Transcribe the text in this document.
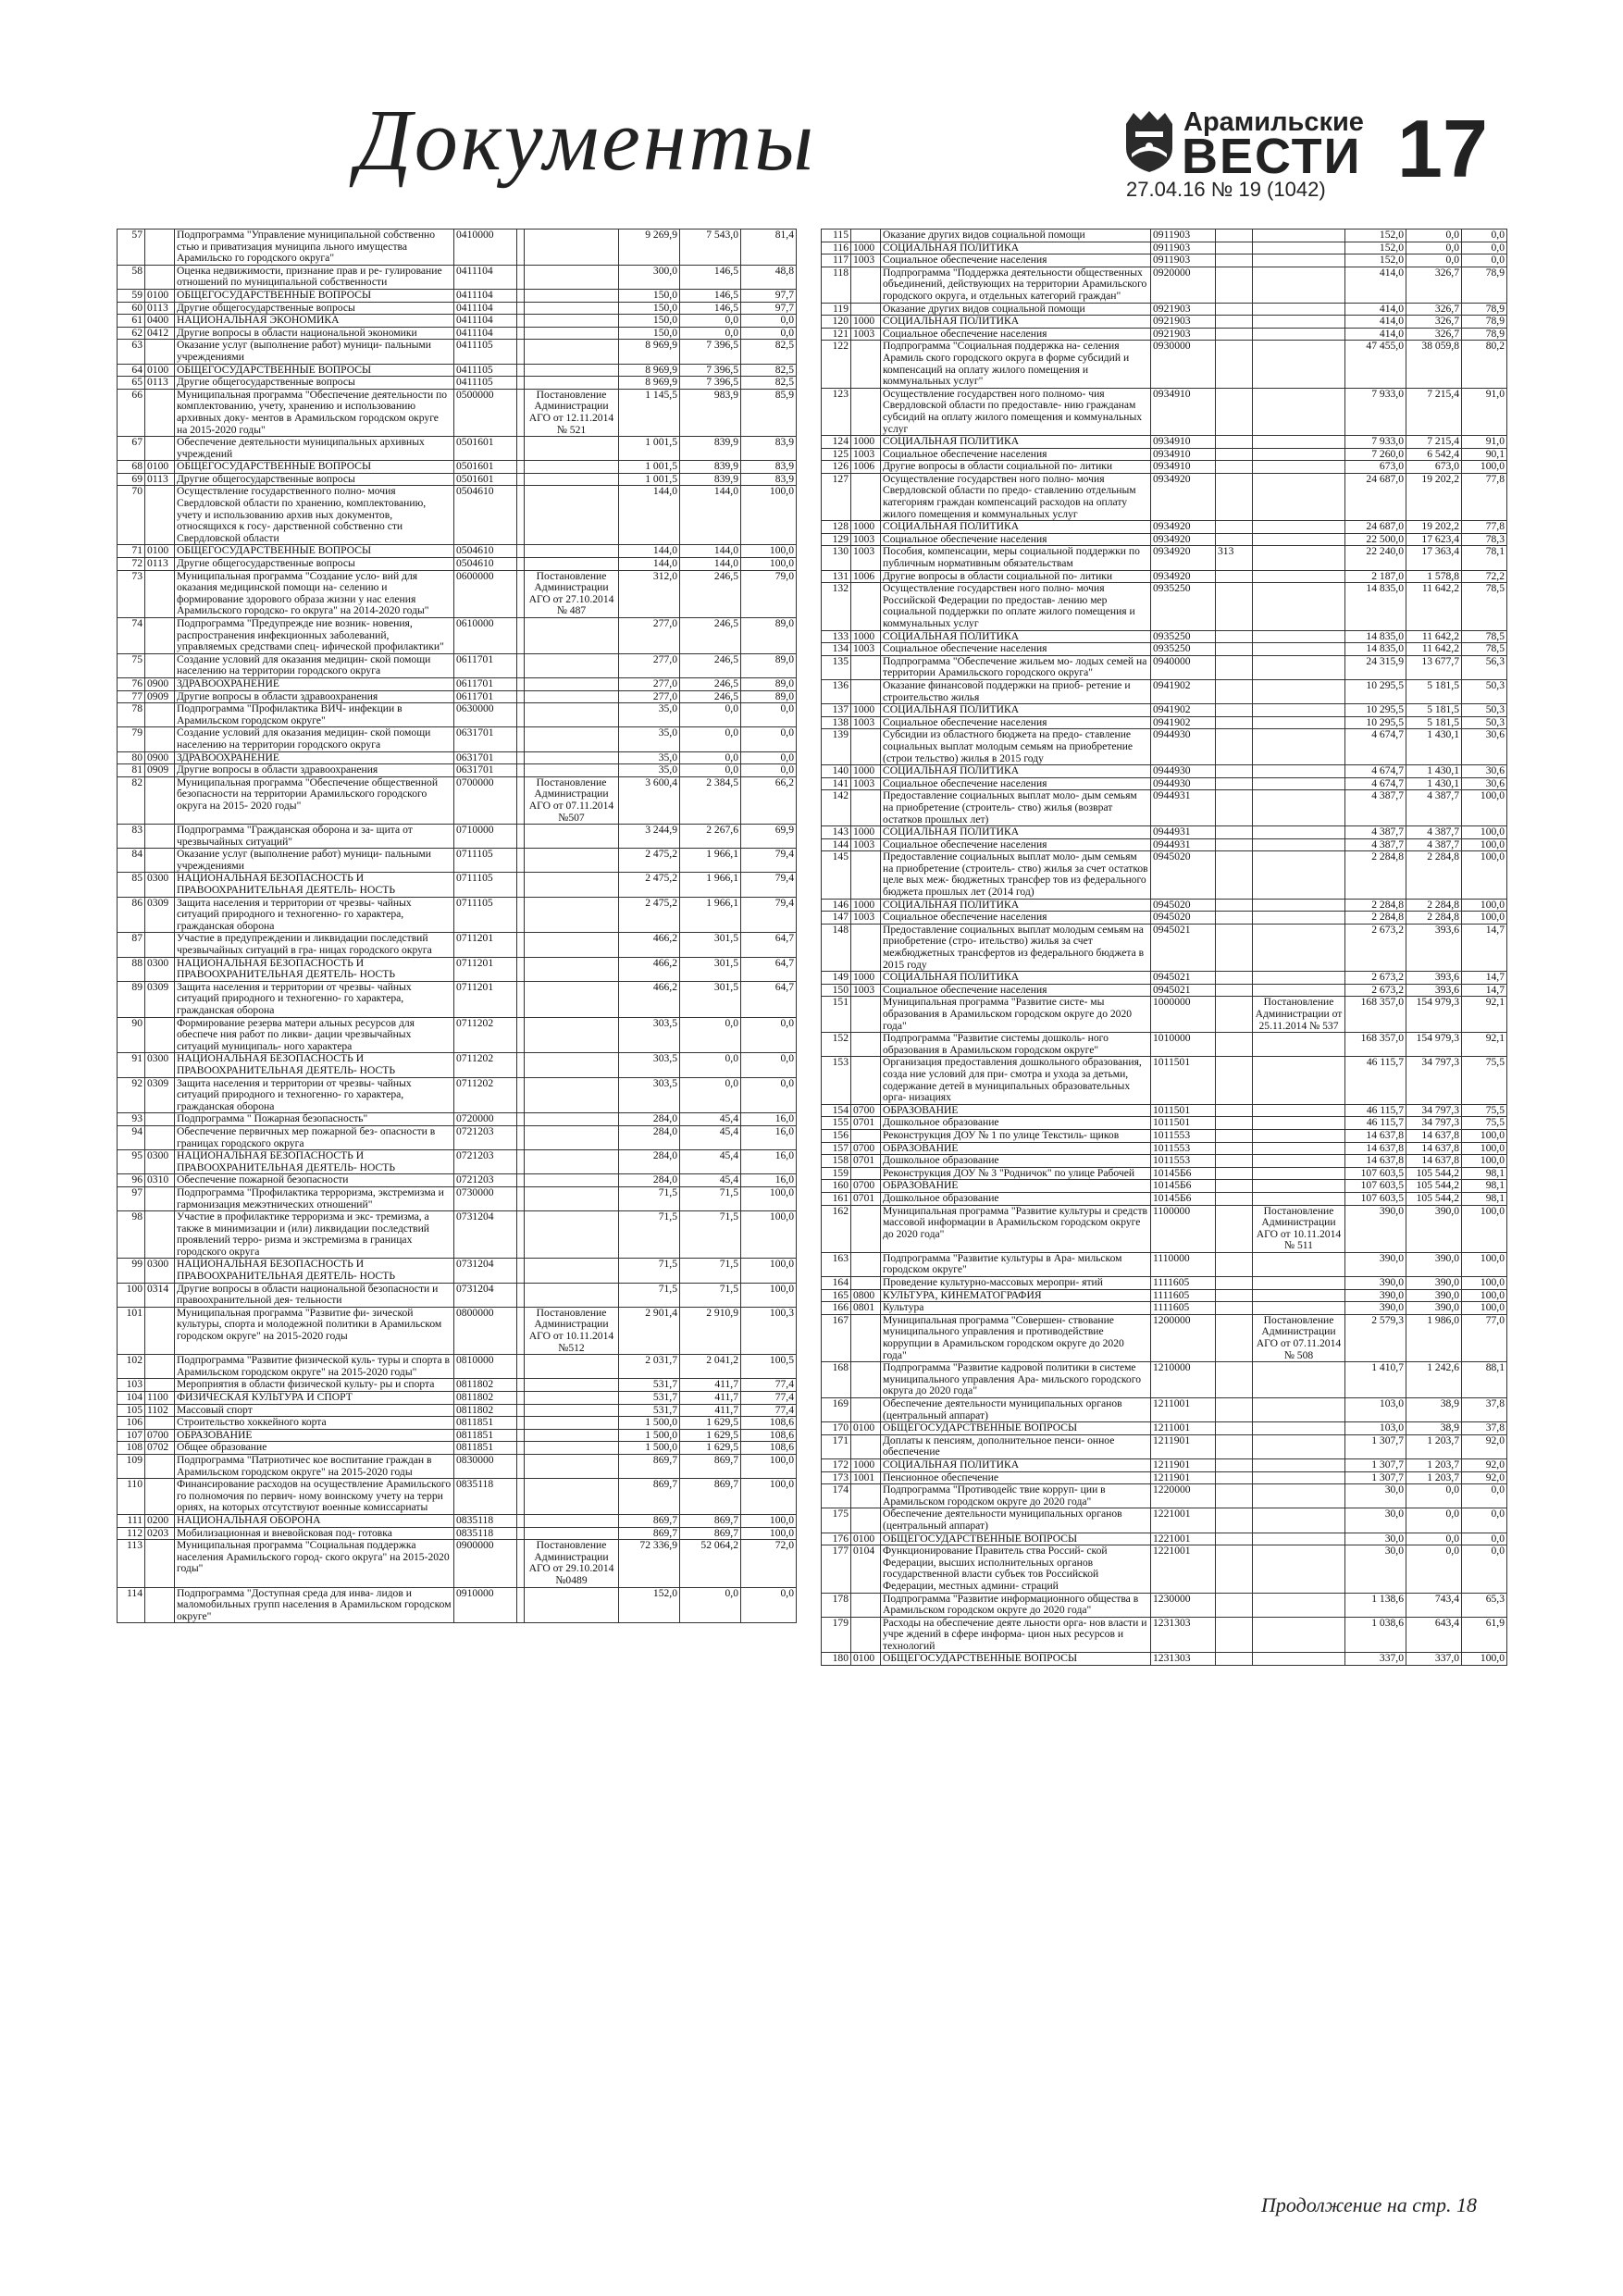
Документы	Арамильские
ВЕСТИ
27.04.16 № 19 (1042) 17
57		Подпрограмма "Управление муниципальной собственно стью и приватизация муниципа льного имущества Арамильско го городского округа"	0410000			9 269,9	7 543,0	81,4
58		Оценка недвижимости, признание прав и ре- гулирование отношений по муниципальной собственности	0411104			300,0	146,5	48,8
59	0100	ОБЩЕГОСУДАРСТВЕННЫЕ ВОПРОСЫ	0411104			150,0	146,5	97,7
60	0113	Другие общегосударственные вопросы	0411104			150,0	146,5	97,7
61	0400	НАЦИОНАЛЬНАЯ ЭКОНОМИКА	0411104			150,0	0,0	0,0
62	0412	Другие вопросы в области национальной экономики	0411104			150,0	0,0	0,0
63		Оказание услуг (выполнение работ) муници- пальными учреждениями	0411105			8 969,9	7 396,5	82,5
64	0100	ОБЩЕГОСУДАРСТВЕННЫЕ ВОПРОСЫ	0411105			8 969,9	7 396,5	82,5
65	0113	Другие общегосударственные вопросы	0411105			8 969,9	7 396,5	82,5
66		Муниципальная программа "Обеспечение деятельности по комплектованию, учету, хранению и использованию архивных доку- ментов в Арамильском городском округе на 2015-2020 годы"	0500000		Постановление Администрации АГО от 12.11.2014 № 521	1 145,5	983,9	85,9
67		Обеспечение деятельности муниципальных архивных учреждений	0501601			1 001,5	839,9	83,9
68	0100	ОБЩЕГОСУДАРСТВЕННЫЕ ВОПРОСЫ	0501601			1 001,5	839,9	83,9
69	0113	Другие общегосударственные вопросы	0501601			1 001,5	839,9	83,9
70		Осуществление государственного полно- мочия Свердловской области по хранению, комплектованию, учету и использованию архив ных документов, относящихся к госу- дарственной собственно сти Свердловской области	0504610			144,0	144,0	100,0
71	0100	ОБЩЕГОСУДАРСТВЕННЫЕ ВОПРОСЫ	0504610			144,0	144,0	100,0
72	0113	Другие общегосударственные вопросы	0504610			144,0	144,0	100,0
73		Муниципальная программа "Создание усло- вий для оказания медицинской помощи на- селению и формирование здорового образа жизни у нас еления Арамильского городско- го округа" на 2014-2020 годы"	0600000		Постановление Администрации АГО от 27.10.2014 № 487	312,0	246,5	79,0
74		Подпрограмма "Предупрежде ние возник- новения, распространения инфекционных заболеваний, управляемых средствами спец- ифической профилактики"	0610000			277,0	246,5	89,0
75		Создание условий для оказания медицин- ской помощи населению на территории городского округа	0611701			277,0	246,5	89,0
76	0900	ЗДРАВООХРАНЕНИЕ	0611701			277,0	246,5	89,0
77	0909	Другие вопросы в области здравоохранения	0611701			277,0	246,5	89,0
78		Подпрограмма "Профилактика ВИЧ- инфекции в Арамильском городском округе"	0630000			35,0	0,0	0,0
79		Создание условий для оказания медицин- ской помощи населению на территории городского округа	0631701			35,0	0,0	0,0
80	0900	ЗДРАВООХРАНЕНИЕ	0631701			35,0	0,0	0,0
81	0909	Другие вопросы в области здравоохранения	0631701			35,0	0,0	0,0
82		Муниципальная программа "Обеспечение общественной безопасности на территории Арамильского городского округа на 2015- 2020 годы"	0700000		Постановление Администрации АГО от 07.11.2014 №507	3 600,4	2 384,5	66,2
83		Подпрограмма "Гражданская оборона и за- щита от чрезвычайных ситуаций"	0710000			3 244,9	2 267,6	69,9
84		Оказание услуг (выполнение работ) муници- пальными учреждениями	0711105			2 475,2	1 966,1	79,4
85	0300	НАЦИОНАЛЬНАЯ БЕЗОПАСНОСТЬ И ПРАВООХРАНИТЕЛЬНАЯ ДЕЯТЕЛЬ- НОСТЬ	0711105			2 475,2	1 966,1	79,4
86	0309	Защита населения и территории от чрезвы- чайных ситуаций природного и техногенно- го характера, гражданская оборона	0711105			2 475,2	1 966,1	79,4
87		Участие в предупреждении и ликвидации последствий чрезвычайных ситуаций в гра- ницах городского округа	0711201			466,2	301,5	64,7
88	0300	НАЦИОНАЛЬНАЯ БЕЗОПАСНОСТЬ И ПРАВООХРАНИТЕЛЬНАЯ ДЕЯТЕЛЬ- НОСТЬ	0711201			466,2	301,5	64,7
89	0309	Защита населения и территории от чрезвы- чайных ситуаций природного и техногенно- го характера, гражданская оборона	0711201			466,2	301,5	64,7
90		Формирование резерва матери альных ресурсов для обеспече ния работ по ликви- дации чрезвычайных ситуаций муниципаль- ного характера	0711202			303,5	0,0	0,0
91	0300	НАЦИОНАЛЬНАЯ БЕЗОПАСНОСТЬ И ПРАВООХРАНИТЕЛЬНАЯ ДЕЯТЕЛЬ- НОСТЬ	0711202			303,5	0,0	0,0
92	0309	Защита населения и территории от чрезвы- чайных ситуаций природного и техногенно- го характера, гражданская оборона	0711202			303,5	0,0	0,0
93		Подпрограмма " Пожарная безопасность"	0720000			284,0	45,4	16,0
94		Обеспечение первичных мер пожарной без- опасности в границах городского округа	0721203			284,0	45,4	16,0
95	0300	НАЦИОНАЛЬНАЯ БЕЗОПАСНОСТЬ И ПРАВООХРАНИТЕЛЬНАЯ ДЕЯТЕЛЬ- НОСТЬ	0721203			284,0	45,4	16,0
96	0310	Обеспечение пожарной безопасности	0721203			284,0	45,4	16,0
97		Подпрограмма "Профилактика терроризма, экстремизма и гармонизация межэтнических отношений"	0730000			71,5	71,5	100,0
98		Участие в профилактике терроризма и экс- тремизма, а также в минимизации и (или) ликвидации последствий проявлений терро- ризма и экстремизма в границах городского округа	0731204			71,5	71,5	100,0
99	0300	НАЦИОНАЛЬНАЯ БЕЗОПАСНОСТЬ И ПРАВООХРАНИТЕЛЬНАЯ ДЕЯТЕЛЬ- НОСТЬ	0731204			71,5	71,5	100,0
100	0314	Другие вопросы в области национальной безопасности и правоохранительной дея- тельности	0731204			71,5	71,5	100,0
101		Муниципальная программа "Развитие фи- зической культуры, спорта и молодежной политики в Арамильском городском округе" на 2015-2020 годы	0800000		Постановление Администрации АГО от 10.11.2014 №512	2 901,4	2 910,9	100,3
102		Подпрограмма "Развитие физической куль- туры и спорта в Арамильском городском округе" на 2015-2020 годы"	0810000			2 031,7	2 041,2	100,5
103		Мероприятия в области физической культу- ры и спорта	0811802			531,7	411,7	77,4
104	1100	ФИЗИЧЕСКАЯ КУЛЬТУРА И СПОРТ	0811802			531,7	411,7	77,4
105	1102	Массовый спорт	0811802			531,7	411,7	77,4
106		Строительство хоккейного корта	0811851			1 500,0	1 629,5	108,6
107	0700	ОБРАЗОВАНИЕ	0811851			1 500,0	1 629,5	108,6
108	0702	Общее образование	0811851			1 500,0	1 629,5	108,6
109		Подпрограмма "Патриотичес кое воспитание граждан в Арамильском городском округе" на 2015-2020 годы	0830000			869,7	869,7	100,0
110		Финансирование расходов на осуществление Арамильского го полномочия по первич- ному воинскому учету на терри ориях, на которых отсутствуют военные комиссариаты	0835118			869,7	869,7	100,0
111	0200	НАЦИОНАЛЬНАЯ ОБОРОНА	0835118			869,7	869,7	100,0
112	0203	Мобилизационная и вневойсковая под- готовка	0835118			869,7	869,7	100,0
113		Муниципальная программа "Социальная поддержка населения Арамильского город- ского округа" на 2015-2020 годы"	0900000		Постановление Администрации АГО от 29.10.2014 №0489	72 336,9	52 064,2	72,0
114		Подпрограмма "Доступная среда для инва- лидов и маломобильных групп населения в Арамильском городском округе"	0910000			152,0	0,0	0,0
115		Оказание других видов социальной помощи	0911903			152,0	0,0	0,0
116	1000	СОЦИАЛЬНАЯ ПОЛИТИКА	0911903			152,0	0,0	0,0
117	1003	Социальное обеспечение населения	0911903			152,0	0,0	0,0
118		Подпрограмма "Поддержка деятельности общественных объединений, действующих на территории Арамильского городского округа, и отдельных категорий граждан"	0920000			414,0	326,7	78,9
119		Оказание других видов социальной помощи	0921903			414,0	326,7	78,9
120	1000	СОЦИАЛЬНАЯ ПОЛИТИКА	0921903			414,0	326,7	78,9
121	1003	Социальное обеспечение населения	0921903			414,0	326,7	78,9
122		Подпрограмма "Социальная поддержка на- селения Арамиль ского городского округа в форме субсидий и компенсаций на оплату жилого помещения и коммунальных услуг"	0930000			47 455,0	38 059,8	80,2
123		Осуществление государствен ного полномо- чия Свердловской области по предоставле- нию гражданам субсидий на оплату жилого помещения и коммунальных услуг	0934910			7 933,0	7 215,4	91,0
124	1000	СОЦИАЛЬНАЯ ПОЛИТИКА	0934910			7 933,0	7 215,4	91,0
125	1003	Социальное обеспечение населения	0934910			7 260,0	6 542,4	90,1
126	1006	Другие вопросы в области социальной по- литики	0934910			673,0	673,0	100,0
127		Осуществление государствен ного полно- мочия Свердловской области по предо- ставлению отдельным категориям граждан компенсаций расходов на оплату жилого помещения и коммунальных услуг	0934920			24 687,0	19 202,2	77,8
128	1000	СОЦИАЛЬНАЯ ПОЛИТИКА	0934920			24 687,0	19 202,2	77,8
129	1003	Социальное обеспечение населения	0934920			22 500,0	17 623,4	78,3
130	1003	Пособия, компенсации, меры социальной поддержки по публичным нормативным обязательствам	0934920	313		22 240,0	17 363,4	78,1
131	1006	Другие вопросы в области социальной по- литики	0934920			2 187,0	1 578,8	72,2
132		Осуществление государствен ного полно- мочия Российской Федерации по предостав- лению мер социальной поддержки по оплате жилого помещения и коммунальных услуг	0935250			14 835,0	11 642,2	78,5
133	1000	СОЦИАЛЬНАЯ ПОЛИТИКА	0935250			14 835,0	11 642,2	78,5
134	1003	Социальное обеспечение населения	0935250			14 835,0	11 642,2	78,5
135		Подпрограмма "Обеспечение жильем мо- лодых семей на территории Арамильского городского округа"	0940000			24 315,9	13 677,7	56,3
136		Оказание финансовой поддержки на приоб- ретение и строительство жилья	0941902			10 295,5	5 181,5	50,3
137	1000	СОЦИАЛЬНАЯ ПОЛИТИКА	0941902			10 295,5	5 181,5	50,3
138	1003	Социальное обеспечение населения	0941902			10 295,5	5 181,5	50,3
139		Субсидии из областного бюджета на предо- ставление социальных выплат молодым семьям на приобретение (строи тельство) жилья в 2015 году	0944930			4 674,7	1 430,1	30,6
140	1000	СОЦИАЛЬНАЯ ПОЛИТИКА	0944930			4 674,7	1 430,1	30,6
141	1003	Социальное обеспечение населения	0944930			4 674,7	1 430,1	30,6
142		Предоставление социальных выплат моло- дым семьям на приобретение (строитель- ство) жилья (возврат остатков прошлых лет)	0944931			4 387,7	4 387,7	100,0
143	1000	СОЦИАЛЬНАЯ ПОЛИТИКА	0944931			4 387,7	4 387,7	100,0
144	1003	Социальное обеспечение населения	0944931			4 387,7	4 387,7	100,0
145		Предоставление социальных выплат моло- дым семьям на приобретение (строитель- ство) жилья за счет остатков целе вых меж- бюджетных трансфер тов из федерального бюджета прошлых лет (2014 год)	0945020			2 284,8	2 284,8	100,0
146	1000	СОЦИАЛЬНАЯ ПОЛИТИКА	0945020			2 284,8	2 284,8	100,0
147	1003	Социальное обеспечение населения	0945020			2 284,8	2 284,8	100,0
148		Предоставление социальных выплат молодым семьям на приобретение (стро- ительство) жилья за счет межбюджетных трансфертов из федерального бюджета в 2015 году	0945021			2 673,2	393,6	14,7
149	1000	СОЦИАЛЬНАЯ ПОЛИТИКА	0945021			2 673,2	393,6	14,7
150	1003	Социальное обеспечение населения	0945021			2 673,2	393,6	14,7
151		Муниципальная программа "Развитие систе- мы образования в Арамильском городском округе до 2020 года"	1000000		Постановление Администрации от 25.11.2014 № 537	168 357,0	154 979,3	92,1
152		Подпрограмма "Развитие системы дошколь- ного образования в Арамильском городском округе"	1010000			168 357,0	154 979,3	92,1
153		Организация предоставления дошкольного образования, созда ние условий для при- смотра и ухода за детьми, содержание детей в муниципальных образовательных орга- низациях	1011501			46 115,7	34 797,3	75,5
154	0700	ОБРАЗОВАНИЕ	1011501			46 115,7	34 797,3	75,5
155	0701	Дошкольное образование	1011501			46 115,7	34 797,3	75,5
156		Реконструкция ДОУ № 1 по улице Текстиль- щиков	1011553			14 637,8	14 637,8	100,0
157	0700	ОБРАЗОВАНИЕ	1011553			14 637,8	14 637,8	100,0
158	0701	Дошкольное образование	1011553			14 637,8	14 637,8	100,0
159		Реконструкция ДОУ № 3 "Родничок" по улице Рабочей	10145Б6			107 603,5	105 544,2	98,1
160	0700	ОБРАЗОВАНИЕ	10145Б6			107 603,5	105 544,2	98,1
161	0701	Дошкольное образование	10145Б6			107 603,5	105 544,2	98,1
162		Муниципальная программа "Развитие культуры и средств массовой информации в Арамильском городском округе до 2020 года"	1100000		Постановление Администрации АГО от 10.11.2014 № 511	390,0	390,0	100,0
163		Подпрограмма "Развитие культуры в Ара- мильском городском округе"	1110000			390,0	390,0	100,0
164		Проведение культурно-массовых меропри- ятий	1111605			390,0	390,0	100,0
165	0800	КУЛЬТУРА, КИНЕМАТОГРАФИЯ	1111605			390,0	390,0	100,0
166	0801	Культура	1111605			390,0	390,0	100,0
167		Муниципальная программа "Совершен- ствование муниципального управления и противодействие коррупции в Арамильском городском округе до 2020 года"	1200000		Постановление Администрации АГО от 07.11.2014 № 508	2 579,3	1 986,0	77,0
168		Подпрограмма "Развитие кадровой политики в системе муниципального управления Ара- мильского городского округа до 2020 года"	1210000			1 410,7	1 242,6	88,1
169		Обеспечение деятельности муниципальных органов (центральный аппарат)	1211001			103,0	38,9	37,8
170	0100	ОБЩЕГОСУДАРСТВЕННЫЕ ВОПРОСЫ	1211001			103,0	38,9	37,8
171		Доплаты к пенсиям, дополнительное пенси- онное обеспечение	1211901			1 307,7	1 203,7	92,0
172	1000	СОЦИАЛЬНАЯ ПОЛИТИКА	1211901			1 307,7	1 203,7	92,0
173	1001	Пенсионное обеспечение	1211901			1 307,7	1 203,7	92,0
174		Подпрограмма "Противодейс твие корруп- ции в Арамильском городском округе до 2020 года"	1220000			30,0	0,0	0,0
175		Обеспечение деятельности муниципальных органов (центральный аппарат)	1221001			30,0	0,0	0,0
176	0100	ОБЩЕГОСУДАРСТВЕННЫЕ ВОПРОСЫ	1221001			30,0	0,0	0,0
177	0104	Функционирование Правитель ства Россий- ской Федерации, высших исполнительных органов государственной власти субъек тов Российской Федерации, местных админи- страций	1221001			30,0	0,0	0,0
178		Подпрограмма "Развитие информационного общества в Арамильском городском округе до 2020 года"	1230000			1 138,6	743,4	65,3
179		Расходы на обеспечение деяте льности орга- нов власти и учре ждений в сфере информа- цион ных ресурсов и технологий	1231303			1 038,6	643,4	61,9
180	0100	ОБЩЕГОСУДАРСТВЕННЫЕ ВОПРОСЫ	1231303			337,0	337,0	100,0
Продолжение на стр. 18
